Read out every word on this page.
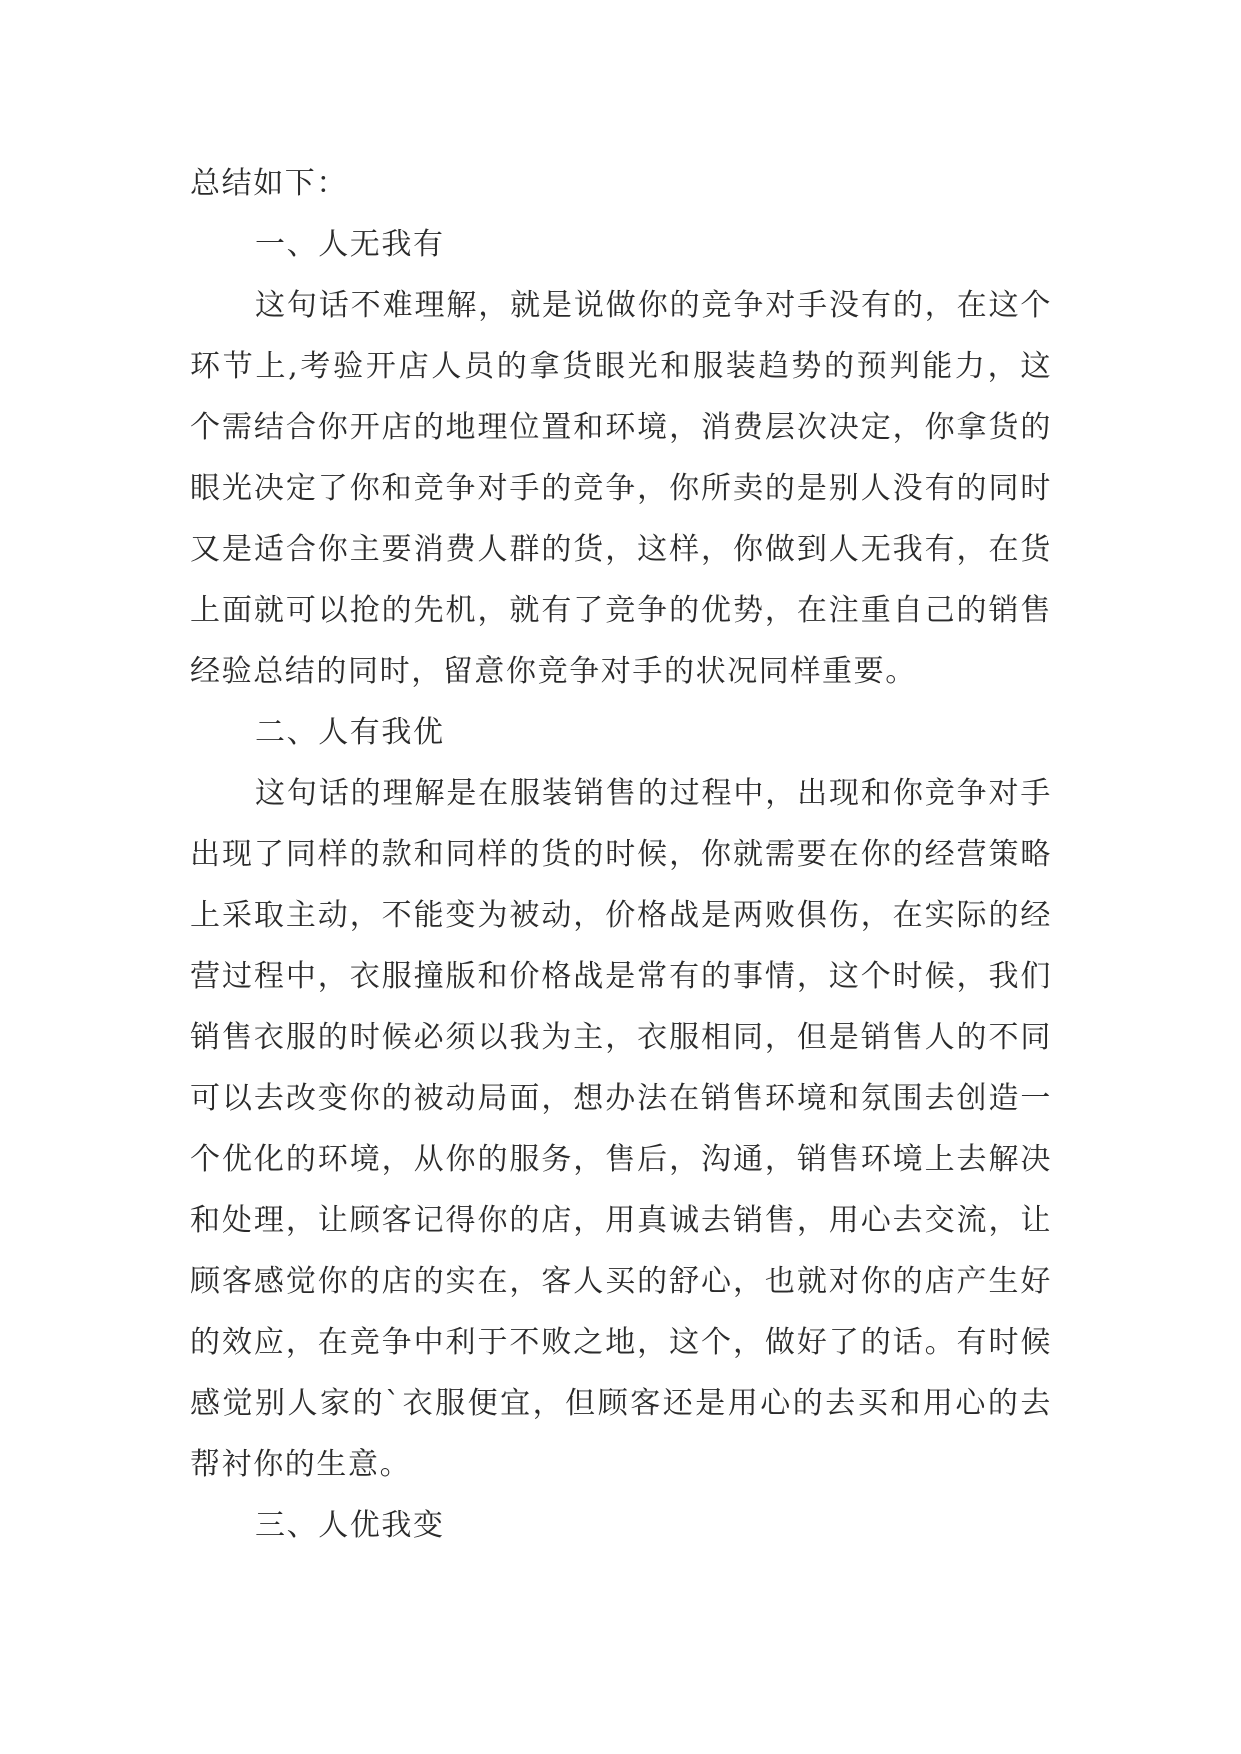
总结如下：

一、人无我有

这句话不难理解，就是说做你的竞争对手没有的，在这个环节上,考验开店人员的拿货眼光和服装趋势的预判能力，这个需结合你开店的地理位置和环境，消费层次决定，你拿货的眼光决定了你和竞争对手的竞争，你所卖的是别人没有的同时又是适合你主要消费人群的货，这样，你做到人无我有，在货上面就可以抢的先机，就有了竞争的优势，在注重自己的销售经验总结的同时，留意你竞争对手的状况同样重要。

二、人有我优

这句话的理解是在服装销售的过程中，出现和你竞争对手出现了同样的款和同样的货的时候，你就需要在你的经营策略上采取主动，不能变为被动，价格战是两败俱伤，在实际的经营过程中，衣服撞版和价格战是常有的事情，这个时候，我们销售衣服的时候必须以我为主，衣服相同，但是销售人的不同可以去改变你的被动局面，想办法在销售环境和氛围去创造一个优化的环境，从你的服务，售后，沟通，销售环境上去解决和处理，让顾客记得你的店，用真诚去销售，用心去交流，让顾客感觉你的店的实在，客人买的舒心，也就对你的店产生好的效应，在竞争中利于不败之地，这个，做好了的话。有时候感觉别人家的`衣服便宜，但顾客还是用心的去买和用心的去帮衬你的生意。

三、人优我变
